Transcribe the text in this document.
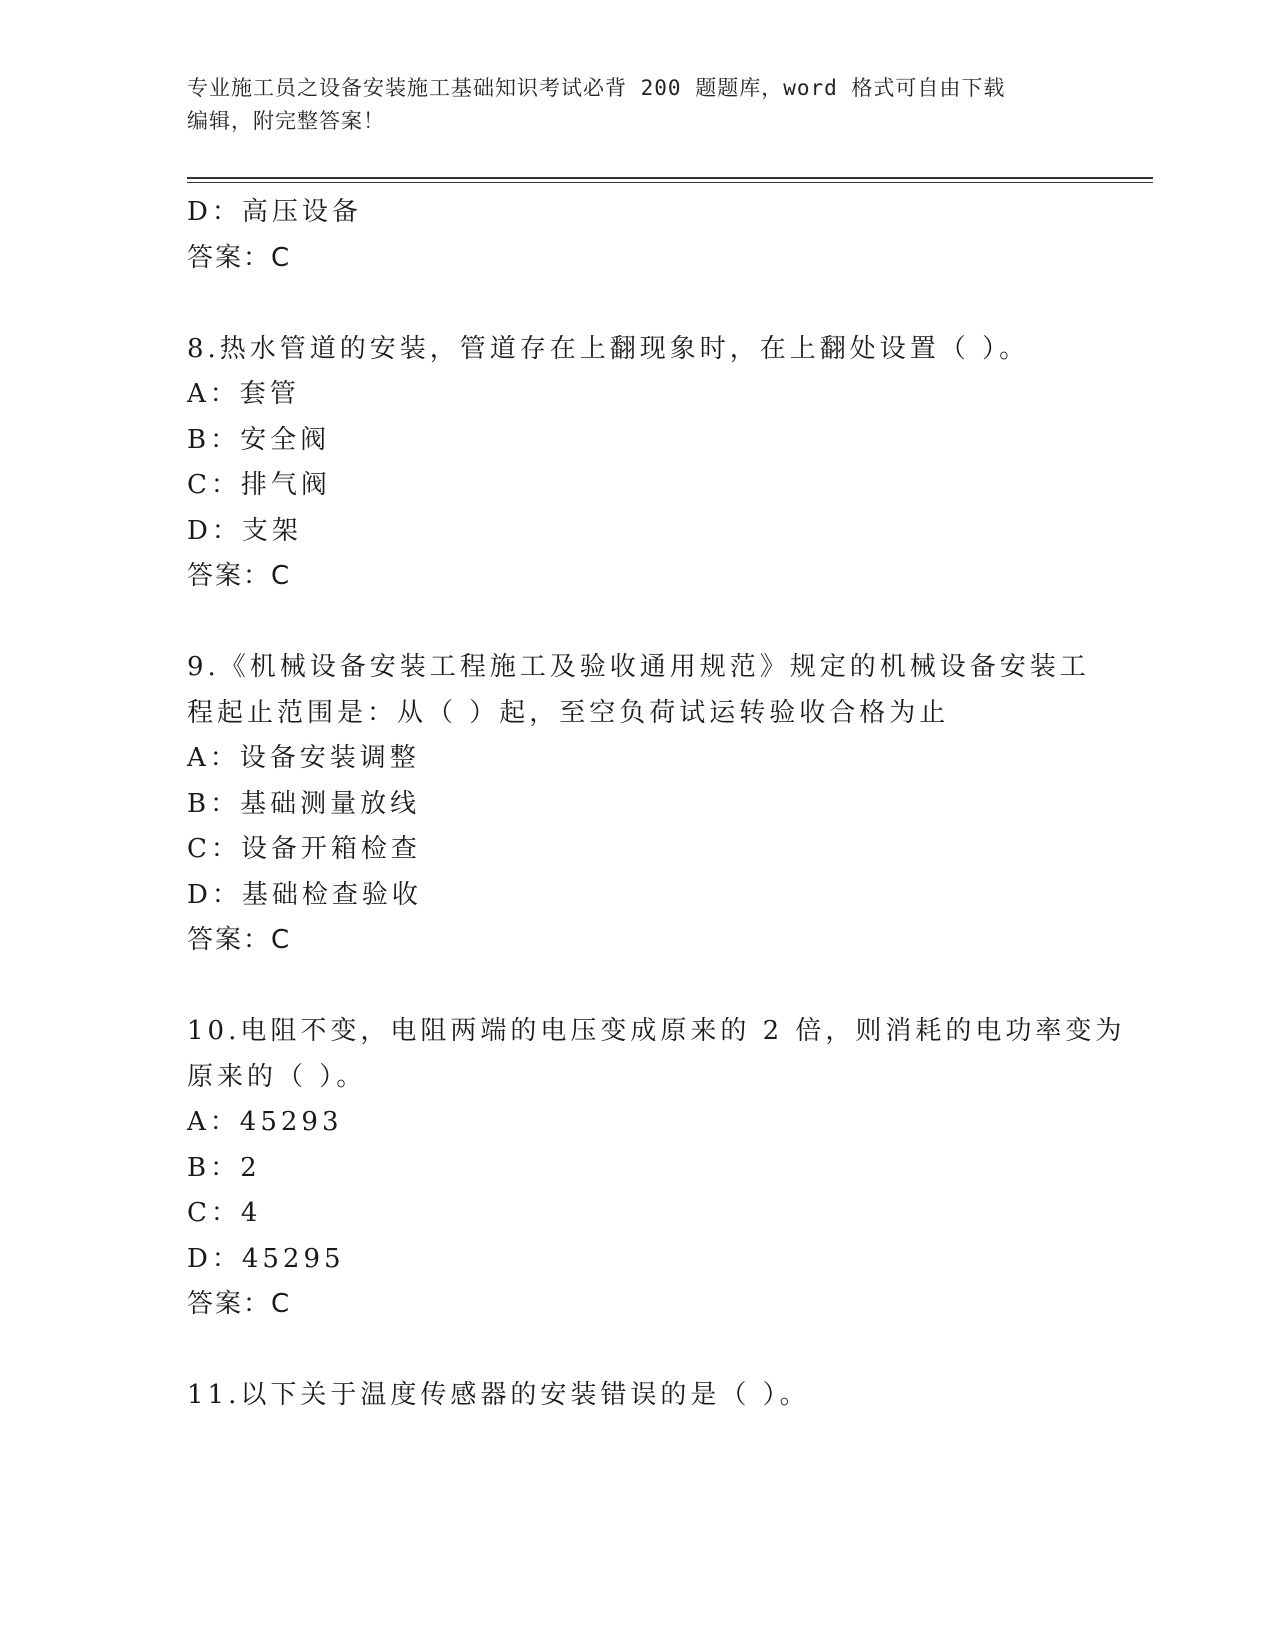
专业施工员之设备安装施工基础知识考试必背 200 题题库，word 格式可自由下载
编辑，附完整答案！
D：高压设备
答案：C
8.热水管道的安装，管道存在上翻现象时，在上翻处设置（ ）。
A：套管
B：安全阀
C：排气阀
D：支架
答案：C
9.《机械设备安装工程施工及验收通用规范》规定的机械设备安装工
程起止范围是：从（ ）起，至空负荷试运转验收合格为止
A：设备安装调整
B：基础测量放线
C：设备开箱检查
D：基础检查验收
答案：C
10.电阻不变，电阻两端的电压变成原来的 2 倍，则消耗的电功率变为
原来的（ ）。
A：45293
B：2
C：4
D：45295
答案：C
11.以下关于温度传感器的安装错误的是（ ）。
